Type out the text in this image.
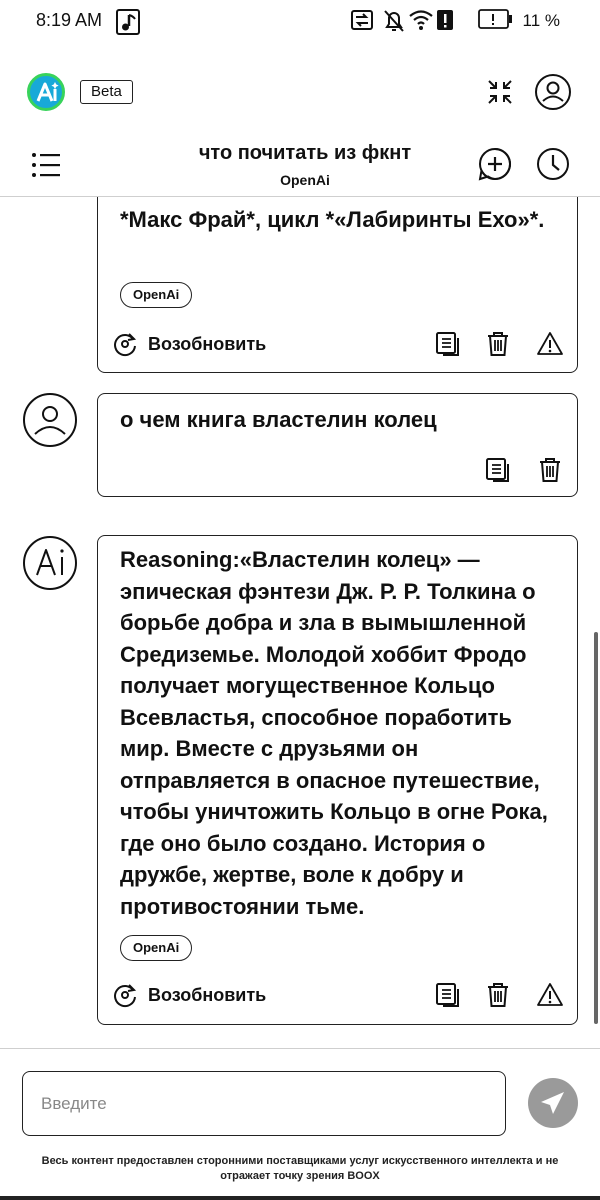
8:19 AM	11 %
Beta
что почитать из фкнт
OpenAi
*Макс Фрай*, цикл *«Лабиринты Ехо»*.
OpenAi
Возобновить
о чем книга властелин колец
Reasoning:«Властелин колец» — эпическая фэнтези Дж. Р. Р. Толкина о борьбе добра и зла в вымышленной Средиземье. Молодой хоббит Фродо получает могущественное Кольцо Всевластья, способное поработить мир. Вместе с друзьями он отправляется в опасное путешествие, чтобы уничтожить Кольцо в огне Рока, где оно было создано. История о дружбе, жертве, воле к добру и противостоянии тьме.
OpenAi
Возобновить
Введите
Весь контент предоставлен сторонними поставщиками услуг искусственного интеллекта и не отражает точку зрения BOOX
